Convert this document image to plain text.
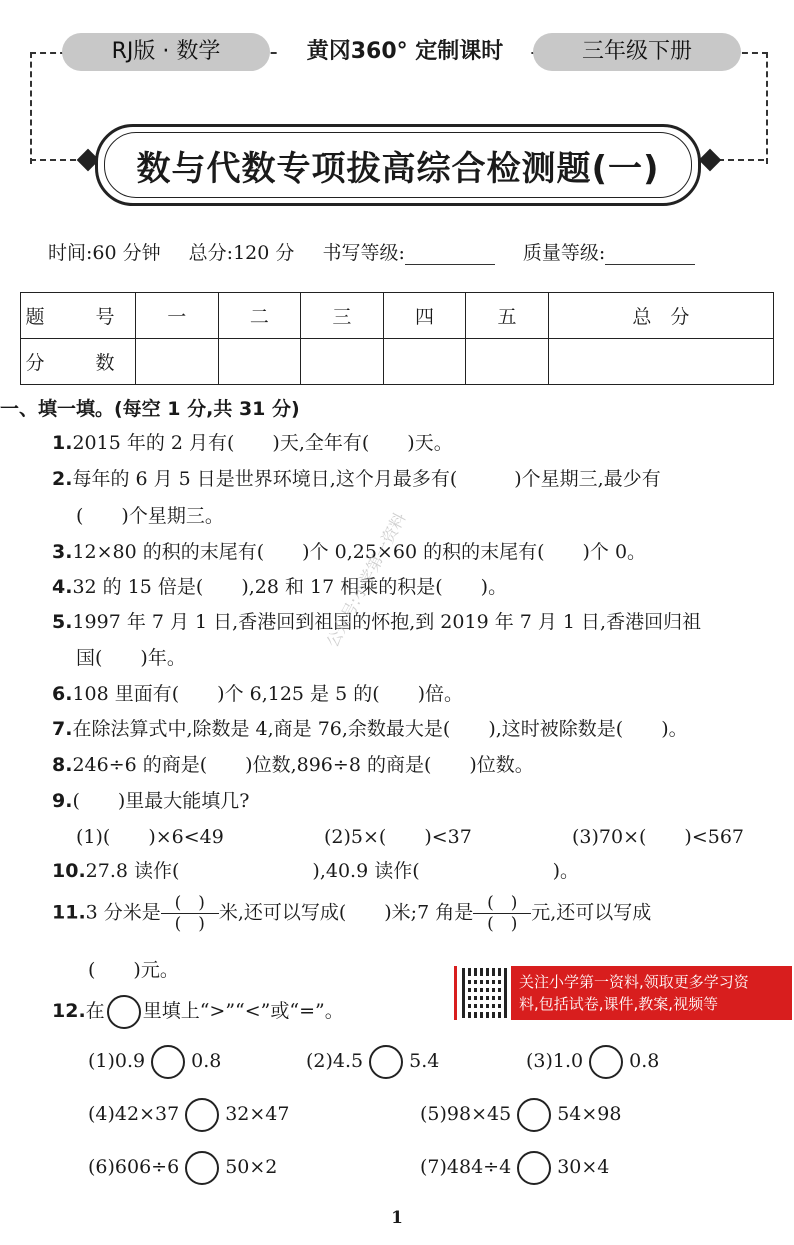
RJ版 · 数学	黄冈360° 定制课时	三年级下册
数与代数专项拔高综合检测题(一)
时间:60 分钟 总分:120 分 书写等级:	质量等级:
题　号	一	二	三	四	五	总　分
分　数						
一、填一填。(每空 1 分,共 31 分)
1.2015 年的 2 月有(　　)天,全年有(　　)天。
2.每年的 6 月 5 日是世界环境日,这个月最多有(　　　)个星期三,最少有
(　　)个星期三。
3.12×80 的积的末尾有(　　)个 0,25×60 的积的末尾有(　　)个 0。
4.32 的 15 倍是(　　),28 和 17 相乘的积是(　　)。
5.1997 年 7 月 1 日,香港回到祖国的怀抱,到 2019 年 7 月 1 日,香港回归祖
国(　　)年。
6.108 里面有(　　)个 6,125 是 5 的(　　)倍。
7.在除法算式中,除数是 4,商是 76,余数最大是(　　),这时被除数是(　　)。
8.246÷6 的商是(　　)位数,896÷8 的商是(　　)位数。
9.(　　)里最大能填几?
(1)(　　)×6<49	(2)5×(　　)<37	(3)70×(　　)<567
10.27.8 读作(　　　　　　　),40.9 读作(　　　　　　　)。
11.3 分米是$\frac{( )}{( )}$米,还可以写成(　　)米;7 角是$\frac{( )}{( )}$元,还可以写成
(　　)元。
关注小学第一资料,领取更多学习资
料,包括试卷,课件,教案,视频等
12.在 里填上“>”“<”或“=”。
(1)0.9 0.8	(2)4.5 5.4	(3)1.0 0.8
(4)42×37 32×47	(5)98×45 54×98
(6)606÷6 50×2	(7)484÷4 30×4
公众号:小学第一资料
1
